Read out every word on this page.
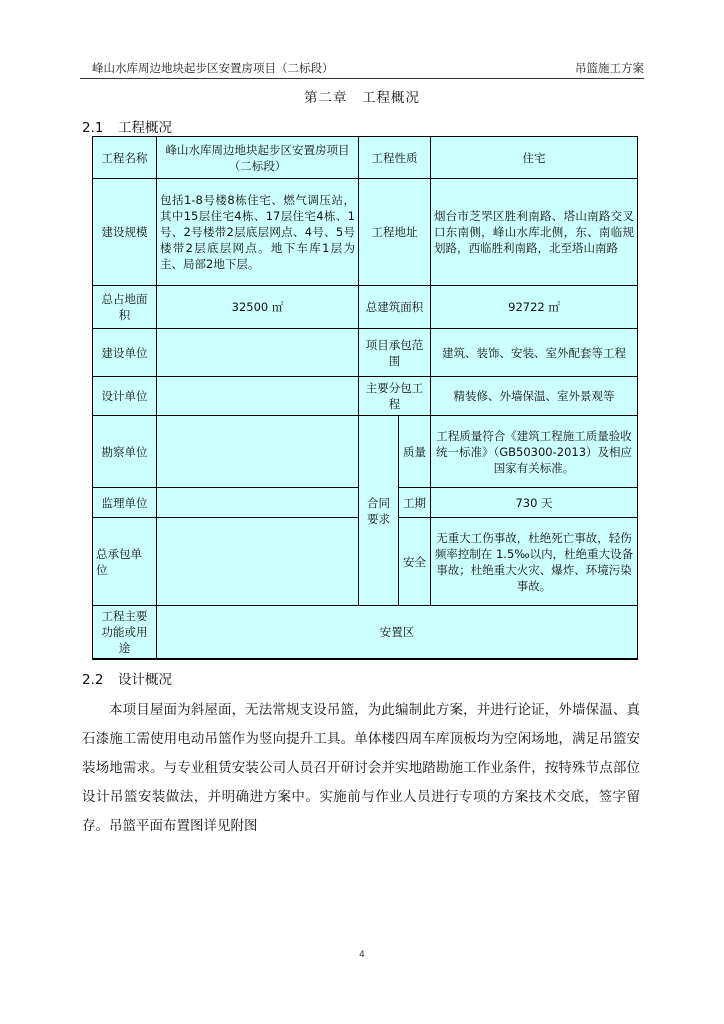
峰山水库周边地块起步区安置房项目（二标段）	吊篮施工方案
第二章　工程概况
2.1 工程概况
工程名称	峰山水库周边地块起步区安置房项目（二标段）	工程性质		住宅
建设规模	包括1-8号楼8栋住宅、燃气调压站，其中15层住宅4栋、17层住宅4栋、1号、2号楼带2层底层网点、4号、5号楼带2层底层网点。地下车库1层为主、局部2地下层。	工程地址		烟台市芝罘区胜利南路、塔山南路交叉口东南侧，峰山水库北侧，东、南临规划路，西临胜利南路，北至塔山南路
总占地面积	32500 ㎡	总建筑面积		92722 ㎡
建设单位		项目承包范围		建筑、装饰、安装、室外配套等工程
设计单位		主要分包工程		精装修、外墙保温、室外景观等
勘察单位		合同要求	质量	工程质量符合《建筑工程施工质量验收统一标准》（GB50300-2013）及相应国家有关标准。
监理单位			工期	730 天
总承包单位			安全	无重大工伤事故，杜绝死亡事故，轻伤频率控制在 1.5‰以内，杜绝重大设备事故；杜绝重大火灾、爆炸、环境污染事故。
工程主要功能或用途	安置区			
2.2 设计概况
本项目屋面为斜屋面，无法常规支设吊篮，为此编制此方案，并进行论证，外墙保温、真石漆施工需使用电动吊篮作为竖向提升工具。单体楼四周车库顶板均为空闲场地，满足吊篮安装场地需求。与专业租赁安装公司人员召开研讨会并实地踏勘施工作业条件，按特殊节点部位设计吊篮安装做法，并明确进方案中。实施前与作业人员进行专项的方案技术交底，签字留存。吊篮平面布置图详见附图
4
